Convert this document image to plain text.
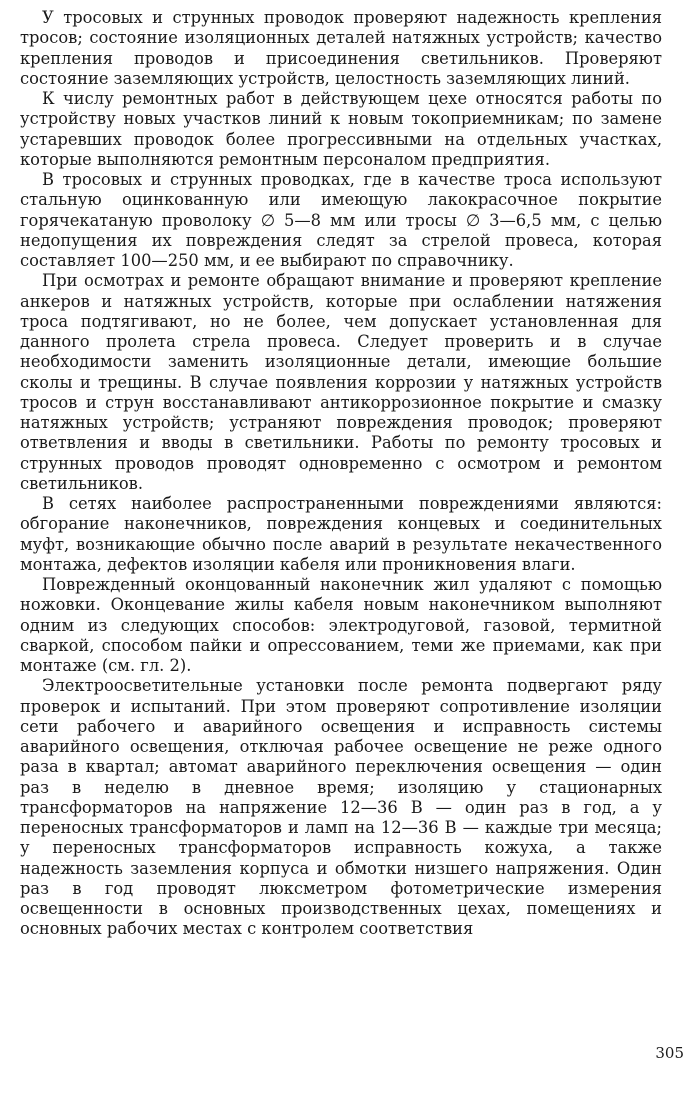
У тросовых и струнных проводок проверяют надежность крепления тросов; состояние изоляционных деталей натяжных устройств; качество крепления проводов и присоединения светильников. Проверяют состояние заземляющих устройств, целостность заземляющих линий.

К числу ремонтных работ в действующем цехе относятся работы по устройству новых участков линий к новым токоприемникам; по замене устаревших проводок более прогрессивными на отдельных участках, которые выполняются ремонтным персоналом предприятия.

В тросовых и струнных проводках, где в качестве троса используют стальную оцинкованную или имеющую лакокрасочное покрытие горячекатаную проволоку ∅ 5—8 мм или тросы ∅ 3—6,5 мм, с целью недопущения их повреждения следят за стрелой провеса, которая составляет 100—250 мм, и ее выбирают по справочнику.

При осмотрах и ремонте обращают внимание и проверяют крепление анкеров и натяжных устройств, которые при ослаблении натяжения троса подтягивают, но не более, чем допускает установленная для данного пролета стрела провеса. Следует проверить и в случае необходимости заменить изоляционные детали, имеющие большие сколы и трещины. В случае появления коррозии у натяжных устройств тросов и струн восстанавливают антикоррозионное покрытие и смазку натяжных устройств; устраняют повреждения проводок; проверяют ответвления и вводы в светильники. Работы по ремонту тросовых и струнных проводов проводят одновременно с осмотром и ремонтом светильников.

В сетях наиболее распространенными повреждениями являются: обгорание наконечников, повреждения концевых и соединительных муфт, возникающие обычно после аварий в результате некачественного монтажа, дефектов изоляции кабеля или проникновения влаги.

Поврежденный оконцованный наконечник жил удаляют с помощью ножовки. Оконцевание жилы кабеля новым наконечником выполняют одним из следующих способов: электродуговой, газовой, термитной сваркой, способом пайки и опрессованием, теми же приемами, как при монтаже (см. гл. 2).

Электроосветительные установки после ремонта подвергают ряду проверок и испытаний. При этом проверяют сопротивление изоляции сети рабочего и аварийного освещения и исправность системы аварийного освещения, отключая рабочее освещение не реже одного раза в квартал; автомат аварийного переключения освещения — один раз в неделю в дневное время; изоляцию у стационарных трансформаторов на напряжение 12—36 В — один раз в год, а у переносных трансформаторов и ламп на 12—36 В — каждые три месяца; у переносных трансформаторов исправность кожуха, а также надежность заземления корпуса и обмотки низшего напряжения. Один раз в год проводят люксметром фотометрические измерения освещенности в основных производственных цехах, помещениях и основных рабочих местах с контролем соответствия

305
